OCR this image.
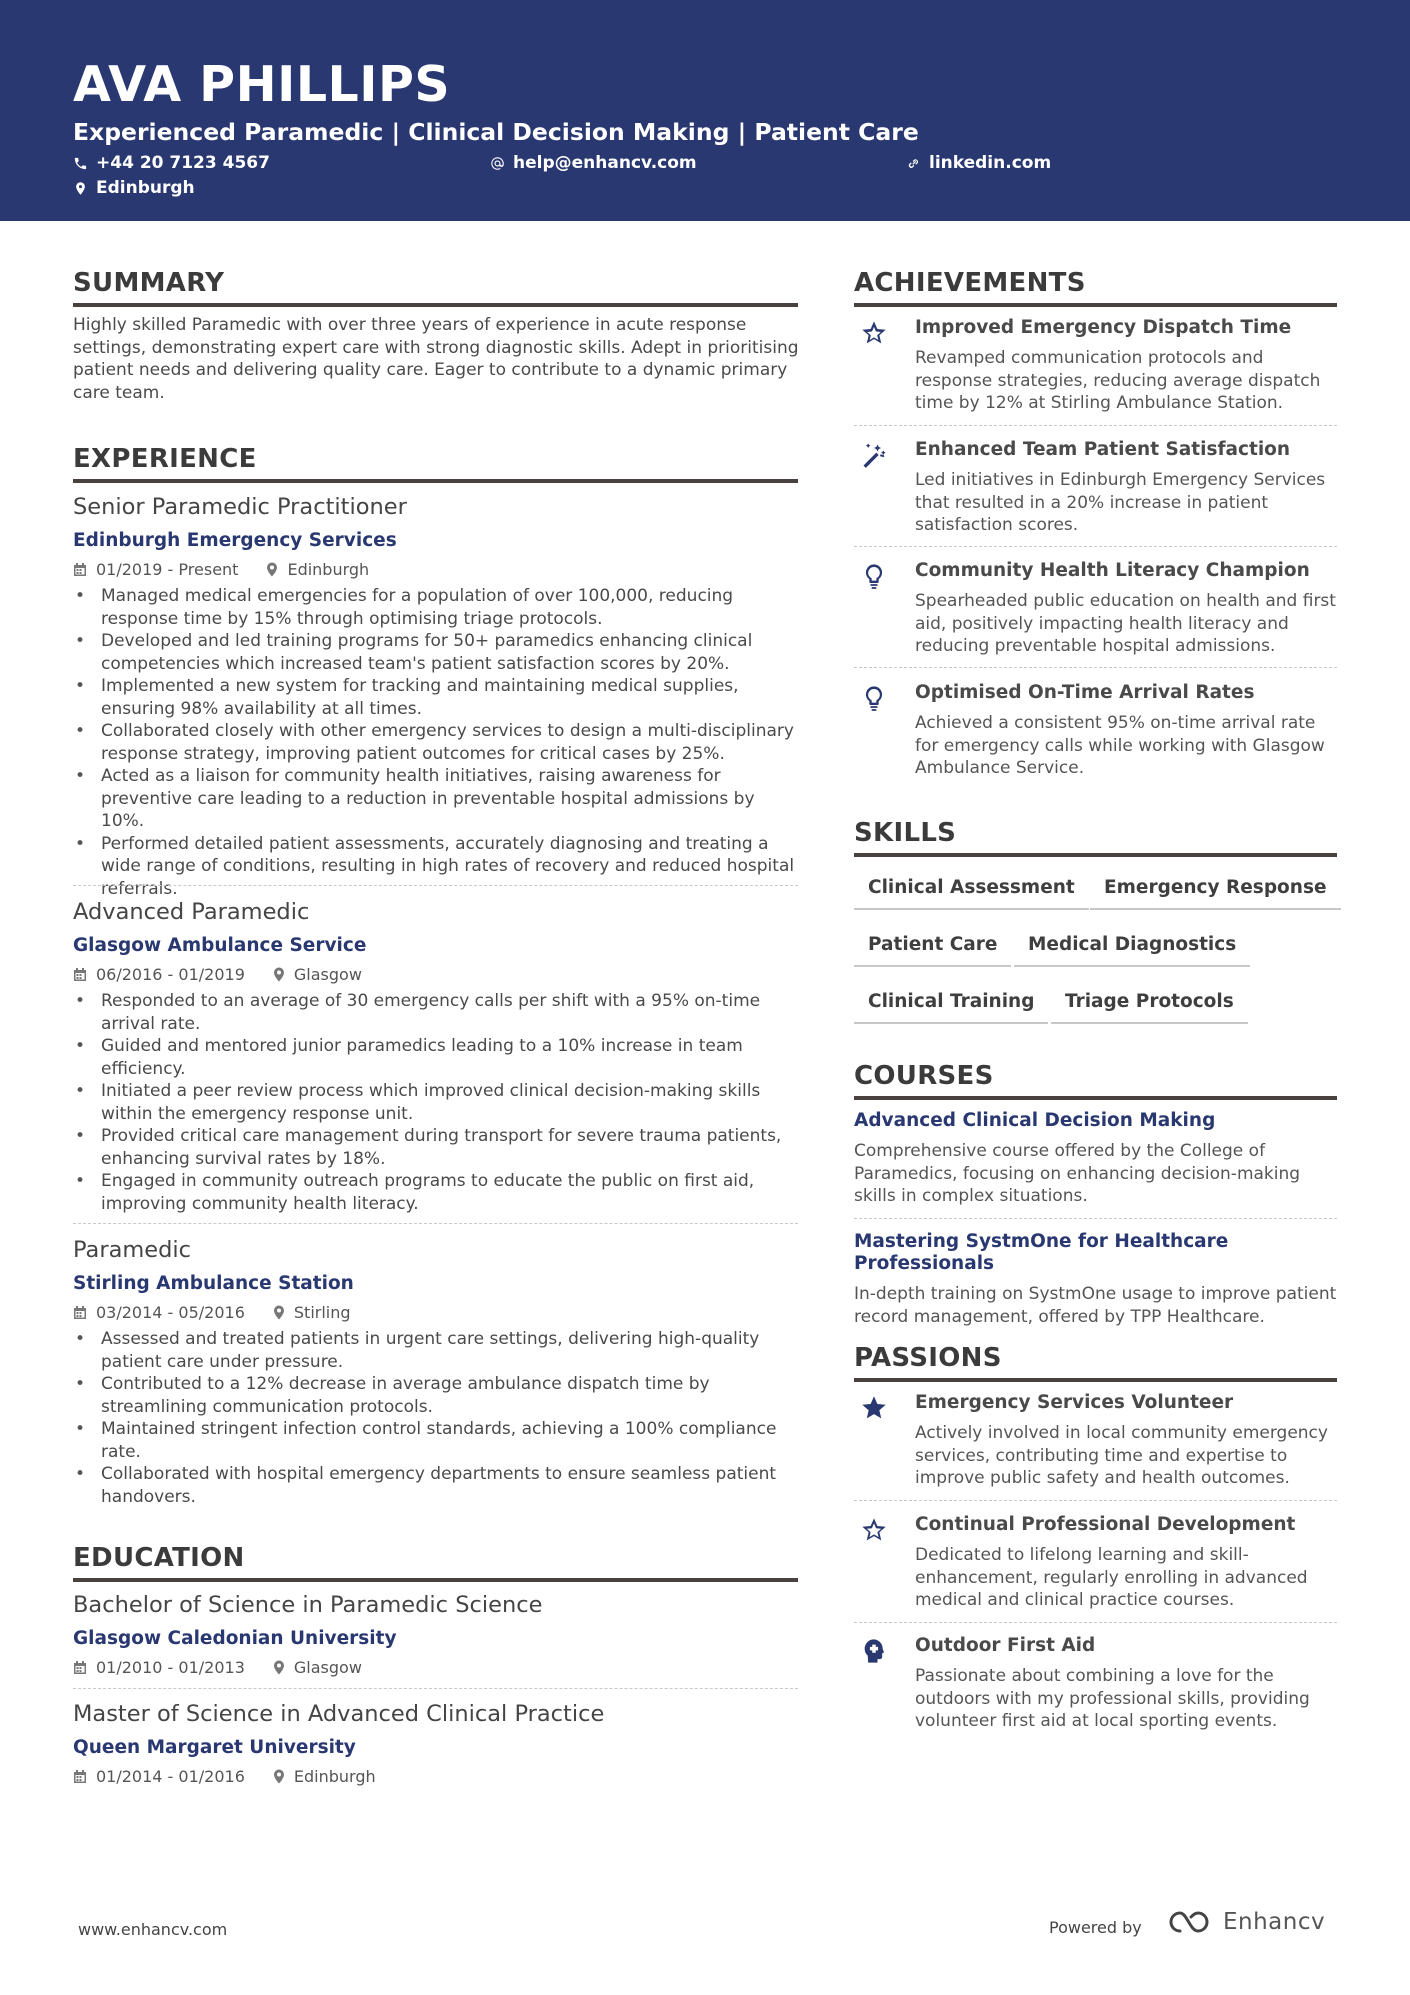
AVA PHILLIPS
Experienced Paramedic | Clinical Decision Making | Patient Care
+44 20 7123 4567	help@enhancv.com	linkedin.com
Edinburgh
SUMMARY
Highly skilled Paramedic with over three years of experience in acute response settings, demonstrating expert care with strong diagnostic skills. Adept in prioritising patient needs and delivering quality care. Eager to contribute to a dynamic primary care team.
EXPERIENCE
Senior Paramedic Practitioner
Edinburgh Emergency Services
01/2019 - Present	Edinburgh
• Managed medical emergencies for a population of over 100,000, reducing response time by 15% through optimising triage protocols.
• Developed and led training programs for 50+ paramedics enhancing clinical competencies which increased team's patient satisfaction scores by 20%.
• Implemented a new system for tracking and maintaining medical supplies, ensuring 98% availability at all times.
• Collaborated closely with other emergency services to design a multi-disciplinary response strategy, improving patient outcomes for critical cases by 25%.
• Acted as a liaison for community health initiatives, raising awareness for preventive care leading to a reduction in preventable hospital admissions by 10%.
• Performed detailed patient assessments, accurately diagnosing and treating a wide range of conditions, resulting in high rates of recovery and reduced hospital referrals.
Advanced Paramedic
Glasgow Ambulance Service
06/2016 - 01/2019	Glasgow
• Responded to an average of 30 emergency calls per shift with a 95% on-time arrival rate.
• Guided and mentored junior paramedics leading to a 10% increase in team efficiency.
• Initiated a peer review process which improved clinical decision-making skills within the emergency response unit.
• Provided critical care management during transport for severe trauma patients, enhancing survival rates by 18%.
• Engaged in community outreach programs to educate the public on first aid, improving community health literacy.
Paramedic
Stirling Ambulance Station
03/2014 - 05/2016	Stirling
• Assessed and treated patients in urgent care settings, delivering high-quality patient care under pressure.
• Contributed to a 12% decrease in average ambulance dispatch time by streamlining communication protocols.
• Maintained stringent infection control standards, achieving a 100% compliance rate.
• Collaborated with hospital emergency departments to ensure seamless patient handovers.
EDUCATION
Bachelor of Science in Paramedic Science
Glasgow Caledonian University
01/2010 - 01/2013	Glasgow
Master of Science in Advanced Clinical Practice
Queen Margaret University
01/2014 - 01/2016	Edinburgh
ACHIEVEMENTS
Improved Emergency Dispatch Time
Revamped communication protocols and response strategies, reducing average dispatch time by 12% at Stirling Ambulance Station.
Enhanced Team Patient Satisfaction
Led initiatives in Edinburgh Emergency Services that resulted in a 20% increase in patient satisfaction scores.
Community Health Literacy Champion
Spearheaded public education on health and first aid, positively impacting health literacy and reducing preventable hospital admissions.
Optimised On-Time Arrival Rates
Achieved a consistent 95% on-time arrival rate for emergency calls while working with Glasgow Ambulance Service.
SKILLS
Clinical Assessment	Emergency Response
Patient Care	Medical Diagnostics
Clinical Training	Triage Protocols
COURSES
Advanced Clinical Decision Making
Comprehensive course offered by the College of Paramedics, focusing on enhancing decision-making skills in complex situations.
Mastering SystmOne for Healthcare Professionals
In-depth training on SystmOne usage to improve patient record management, offered by TPP Healthcare.
PASSIONS
Emergency Services Volunteer
Actively involved in local community emergency services, contributing time and expertise to improve public safety and health outcomes.
Continual Professional Development
Dedicated to lifelong learning and skill-enhancement, regularly enrolling in advanced medical and clinical practice courses.
Outdoor First Aid
Passionate about combining a love for the outdoors with my professional skills, providing volunteer first aid at local sporting events.
www.enhancv.com	Powered by	Enhancv
